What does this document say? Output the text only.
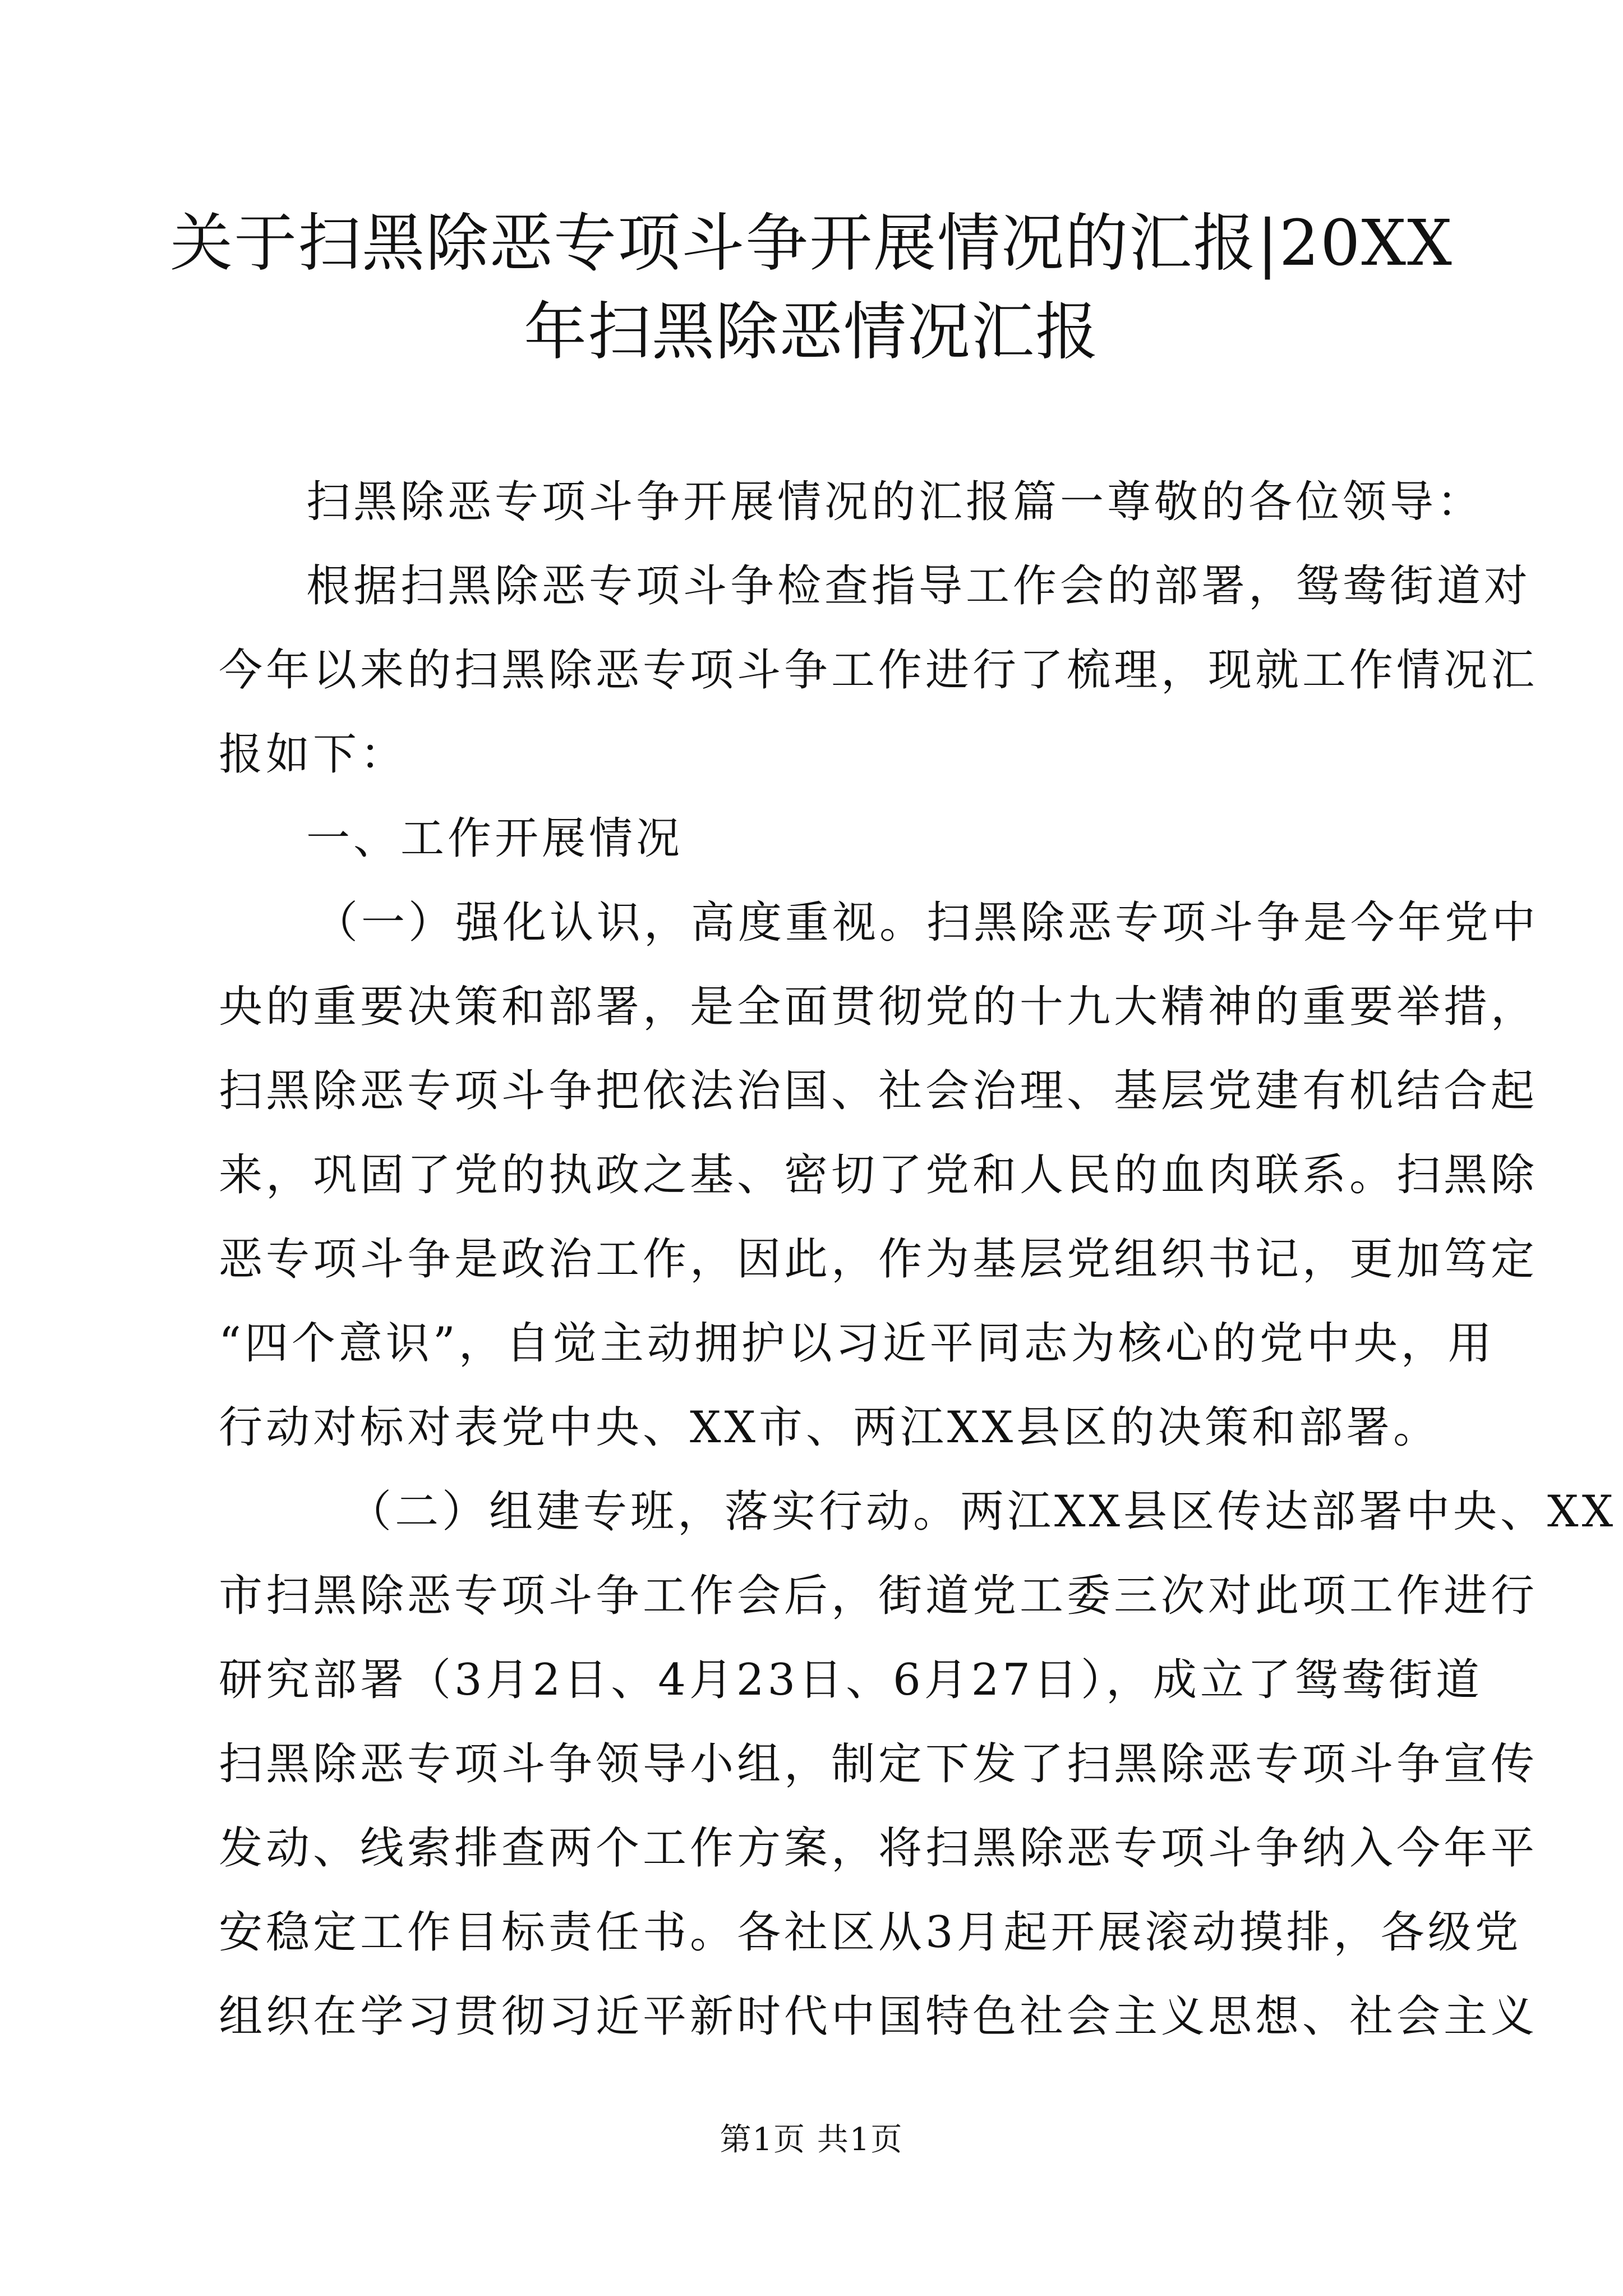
关于扫黑除恶专项斗争开展情况的汇报|20XX
年扫黑除恶情况汇报
扫黑除恶专项斗争开展情况的汇报篇一尊敬的各位领导：
根据扫黑除恶专项斗争检查指导工作会的部署，鸳鸯街道对
今年以来的扫黑除恶专项斗争工作进行了梳理，现就工作情况汇
报如下：
一、工作开展情况
（一）强化认识，高度重视。扫黑除恶专项斗争是今年党中
央的重要决策和部署，是全面贯彻党的十九大精神的重要举措，
扫黑除恶专项斗争把依法治国、社会治理、基层党建有机结合起
来，巩固了党的执政之基、密切了党和人民的血肉联系。扫黑除
恶专项斗争是政治工作，因此，作为基层党组织书记，更加笃定
“四个意识”，自觉主动拥护以习近平同志为核心的党中央，用
行动对标对表党中央、XX市、两江XX县区的决策和部署。
（二）组建专班，落实行动。两江XX县区传达部署中央、XX
市扫黑除恶专项斗争工作会后，街道党工委三次对此项工作进行
研究部署（3月2日、4月23日、6月27日），成立了鸳鸯街道
扫黑除恶专项斗争领导小组，制定下发了扫黑除恶专项斗争宣传
发动、线索排查两个工作方案，将扫黑除恶专项斗争纳入今年平
安稳定工作目标责任书。各社区从3月起开展滚动摸排，各级党
组织在学习贯彻习近平新时代中国特色社会主义思想、社会主义
第1页 共1页
